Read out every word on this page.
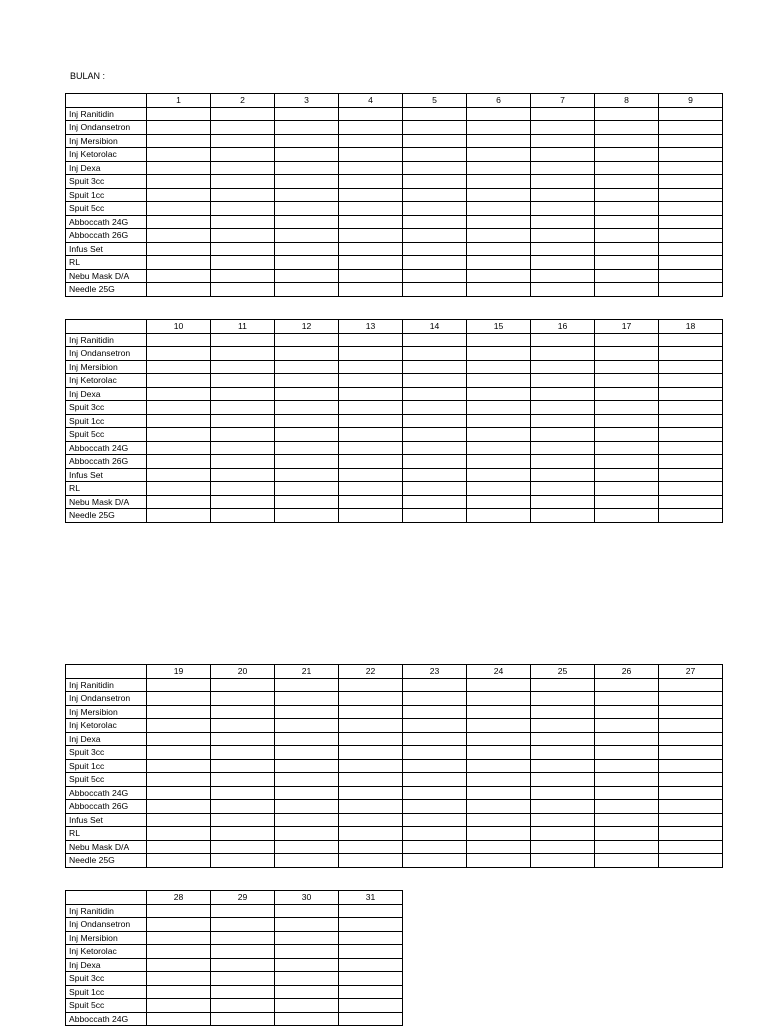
BULAN :
	1	2	3	4	5	6	7	8	9
Inj Ranitidin									
Inj Ondansetron									
Inj Mersibion									
Inj Ketorolac									
Inj Dexa									
Spuit 3cc									
Spuit 1cc									
Spuit 5cc									
Abboccath 24G									
Abboccath 26G									
Infus Set									
RL									
Nebu Mask D/A									
Needle 25G									
	10	11	12	13	14	15	16	17	18
Inj Ranitidin									
Inj Ondansetron									
Inj Mersibion									
Inj Ketorolac									
Inj Dexa									
Spuit 3cc									
Spuit 1cc									
Spuit 5cc									
Abboccath 24G									
Abboccath 26G									
Infus Set									
RL									
Nebu Mask D/A									
Needle 25G									
	19	20	21	22	23	24	25	26	27
Inj Ranitidin									
Inj Ondansetron									
Inj Mersibion									
Inj Ketorolac									
Inj Dexa									
Spuit 3cc									
Spuit 1cc									
Spuit 5cc									
Abboccath 24G									
Abboccath 26G									
Infus Set									
RL									
Nebu Mask D/A									
Needle 25G									
	28	29	30	31
Inj Ranitidin				
Inj Ondansetron				
Inj Mersibion				
Inj Ketorolac				
Inj Dexa				
Spuit 3cc				
Spuit 1cc				
Spuit 5cc				
Abboccath 24G				
